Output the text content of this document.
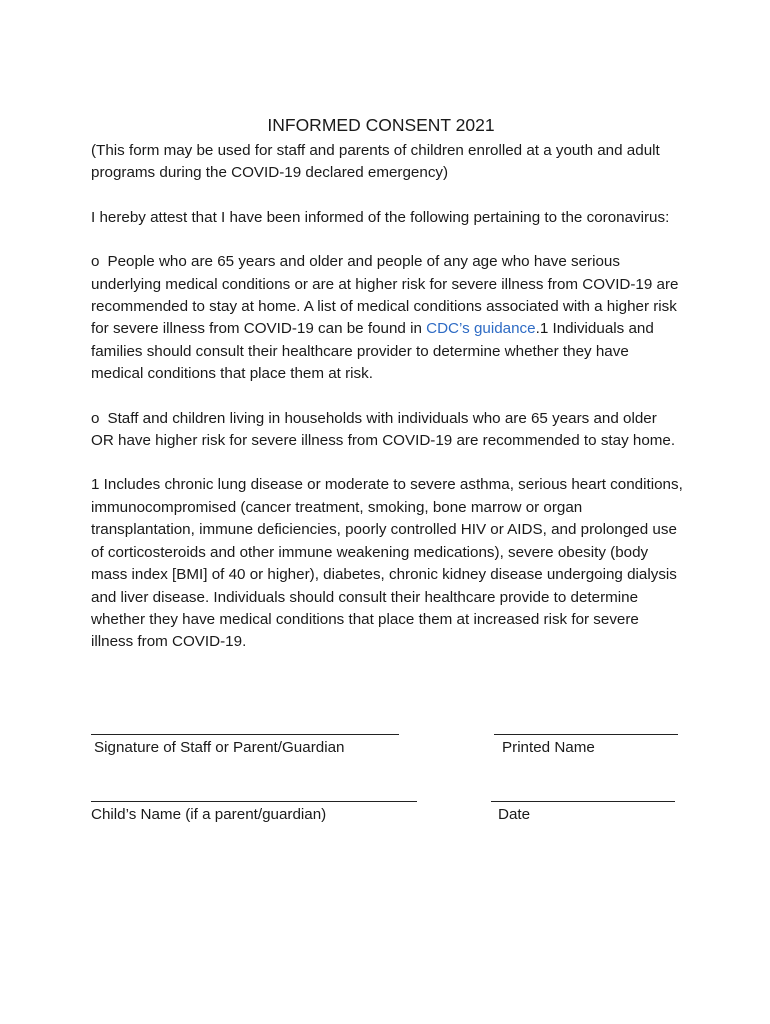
INFORMED CONSENT 2021

(This form may be used for staff and parents of children enrolled at a youth and adult programs during the COVID-19 declared emergency)

I hereby attest that I have been informed of the following pertaining to the coronavirus:

o People who are 65 years and older and people of any age who have serious underlying medical conditions or are at higher risk for severe illness from COVID-19 are recommended to stay at home. A list of medical conditions associated with a higher risk for severe illness from COVID-19 can be found in CDC’s guidance.1 Individuals and families should consult their healthcare provider to determine whether they have medical conditions that place them at risk.

o Staff and children living in households with individuals who are 65 years and older OR have higher risk for severe illness from COVID-19 are recommended to stay home.

1 Includes chronic lung disease or moderate to severe asthma, serious heart conditions, immunocompromised (cancer treatment, smoking, bone marrow or organ transplantation, immune deficiencies, poorly controlled HIV or AIDS, and prolonged use of corticosteroids and other immune weakening medications), severe obesity (body mass index [BMI] of 40 or higher), diabetes, chronic kidney disease undergoing dialysis and liver disease. Individuals should consult their healthcare provide to determine whether they have medical conditions that place them at increased risk for severe illness from COVID-19.

Signature of Staff or Parent/Guardian	Printed Name
Child’s Name (if a parent/guardian)	Date
